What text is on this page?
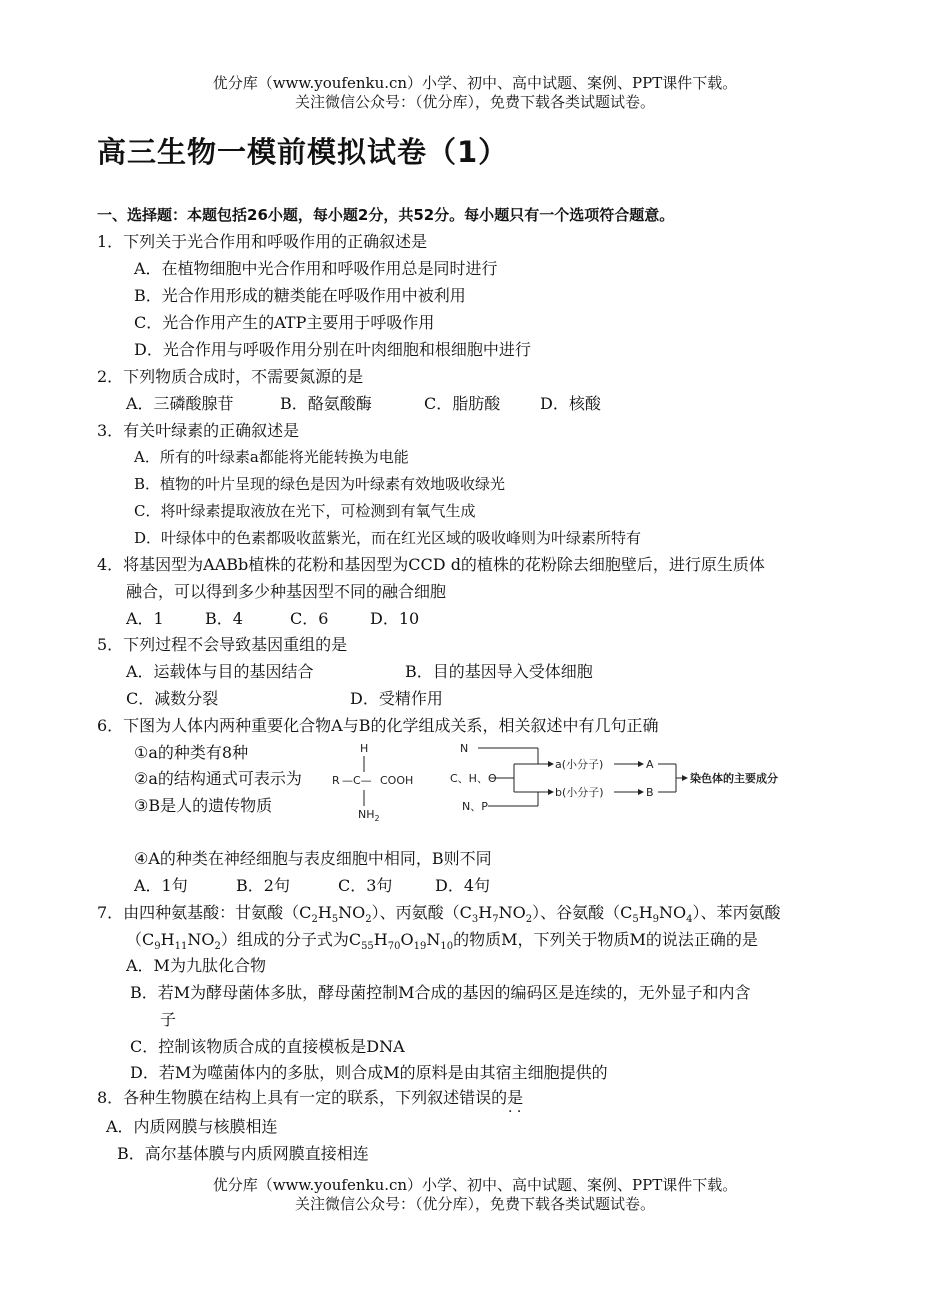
优分库（www.youfenku.cn）小学、初中、高中试题、案例、PPT课件下载。
关注微信公众号：（优分库），免费下载各类试题试卷。
高三生物一模前模拟试卷（1）
一、选择题：本题包括26小题，每小题2分，共52分。每小题只有一个选项符合题意。
1．下列关于光合作用和呼吸作用的正确叙述是
A．在植物细胞中光合作用和呼吸作用总是同时进行
B．光合作用形成的糖类能在呼吸作用中被利用
C．光合作用产生的ATP主要用于呼吸作用
D．光合作用与呼吸作用分别在叶肉细胞和根细胞中进行
2．下列物质合成时，不需要氮源的是
A．三磷酸腺苷	B．酪氨酸酶	C．脂肪酸 D．核酸
3．有关叶绿素的正确叙述是
A．所有的叶绿素a都能将光能转换为电能
B．植物的叶片呈现的绿色是因为叶绿素有效地吸收绿光
C．将叶绿素提取液放在光下，可检测到有氧气生成
D．叶绿体中的色素都吸收蓝紫光，而在红光区域的吸收峰则为叶绿素所特有
4．将基因型为AABb植株的花粉和基因型为CCD d的植株的花粉除去细胞壁后，进行原生质体
融合，可以得到多少种基因型不同的融合细胞
A．1	B．4	C．6	D．10
5．下列过程不会导致基因重组的是
A．运载体与目的基因结合	B．目的基因导入受体细胞
C．减数分裂	D．受精作用
6．下图为人体内两种重要化合物A与B的化学组成关系，相关叙述中有几句正确
①a的种类有8种
②a的结构通式可表示为
③B是人的遗传物质
H
R —C— COOH
$NH_2$
N
C、H、O
N、P
a(小分子)
b(小分子)
A
B
染色体的主要成分
④A的种类在神经细胞与表皮细胞中相同，B则不同
A．1句	B．2句	C．3句	D．4句
7．由四种氨基酸：甘氨酸$(C_2H_5NO_2)$、丙氨酸$(C_3H_7NO_2)$、谷氨酸$(C_5H_9NO_4)$、苯丙氨酸
$(C_9H_{11}NO_2)$组成的分子式为$C_{55}H_{70}O_{19}N_{10}$的物质M，下列关于物质M的说法正确的是
A．M为九肽化合物
B．若M为酵母菌体多肽，酵母菌控制M合成的基因的编码区是连续的，无外显子和内含
子
C．控制该物质合成的直接模板是DNA
D．若M为噬菌体内的多肽，则合成M的原料是由其宿主细胞提供的
8．各种生物膜在结构上具有一定的联系，下列叙述错误的是
· ·
A．内质网膜与核膜相连
B．高尔基体膜与内质网膜直接相连
优分库（www.youfenku.cn）小学、初中、高中试题、案例、PPT课件下载。
关注微信公众号：（优分库），免费下载各类试题试卷。
